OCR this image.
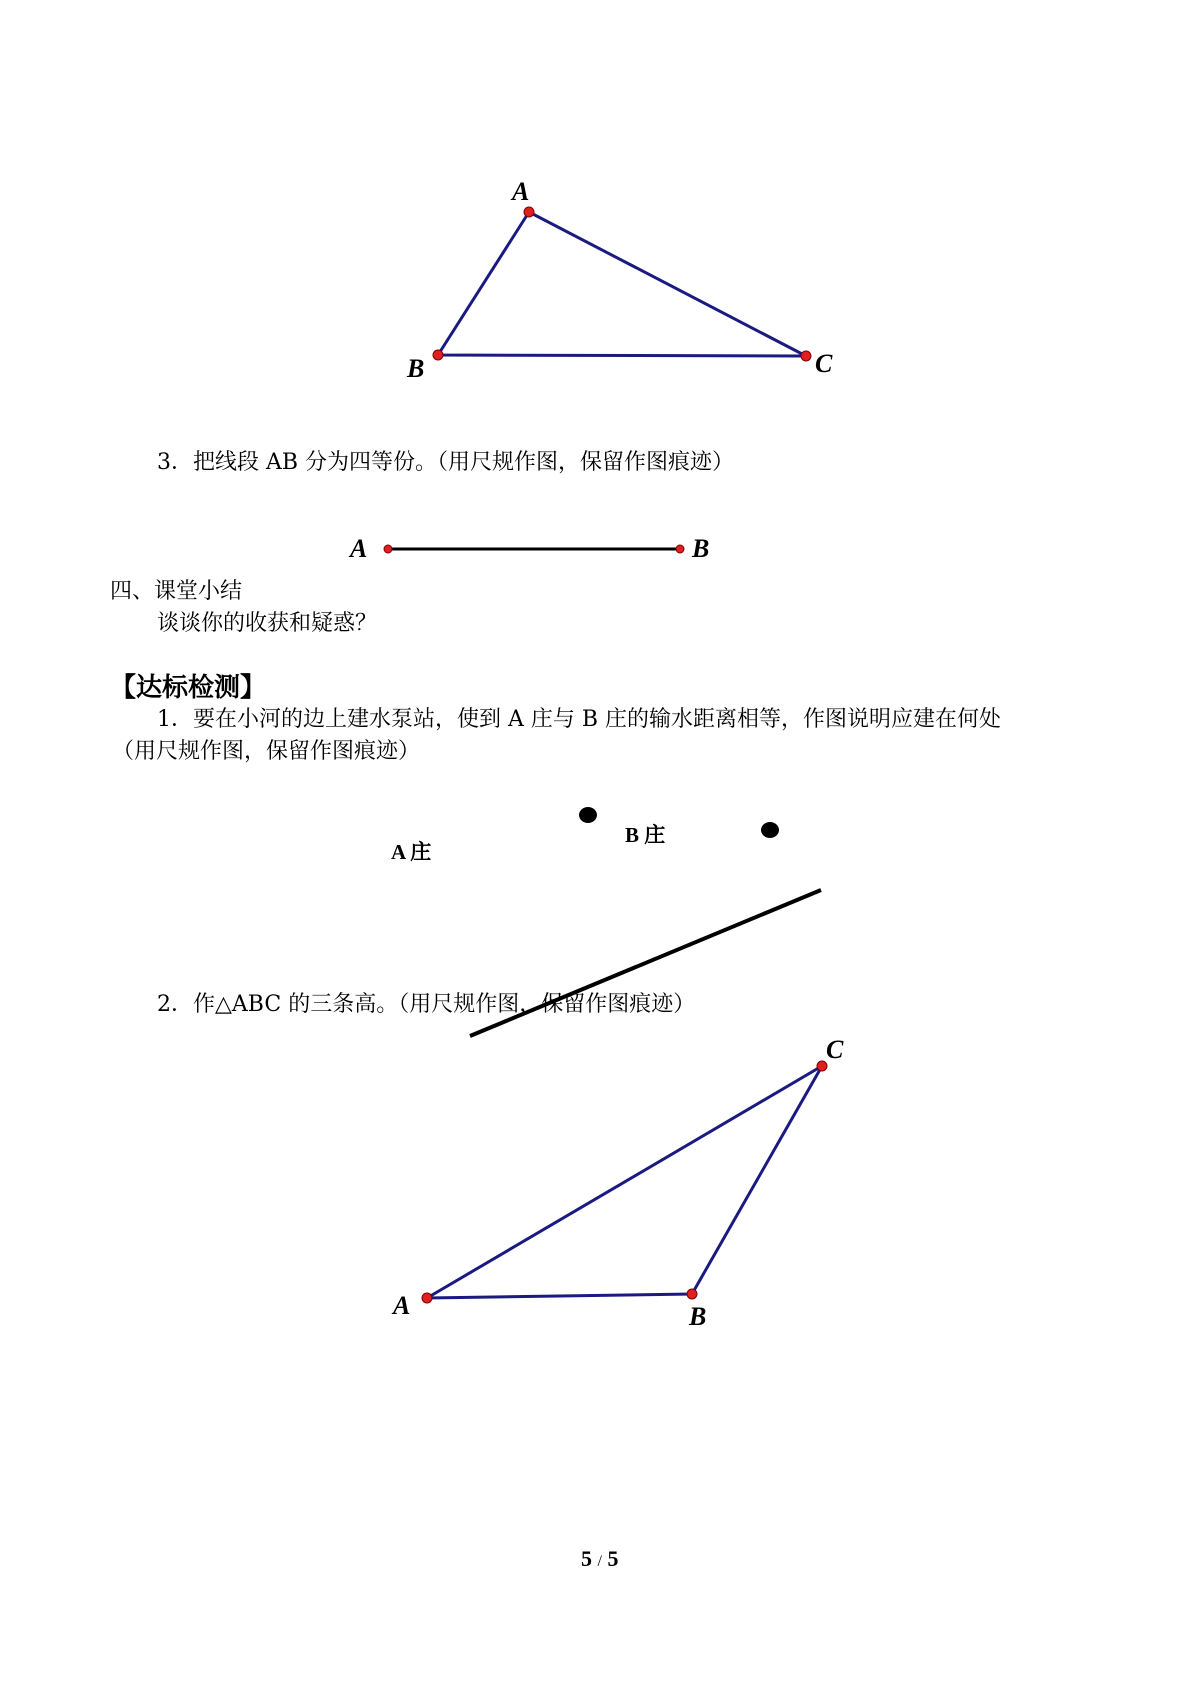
A
B	C
3．把线段 AB 分为四等份。（用尺规作图，保留作图痕迹）
A	B
四、课堂小结
谈谈你的收获和疑惑？
【达标检测】
1．要在小河的边上建水泵站，使到 A 庄与 B 庄的输水距离相等，作图说明应建在何处
（用尺规作图，保留作图痕迹）
A 庄
B 庄
2．作△ABC 的三条高。（用尺规作图，保留作图痕迹）
A	B
C
5 / 5
